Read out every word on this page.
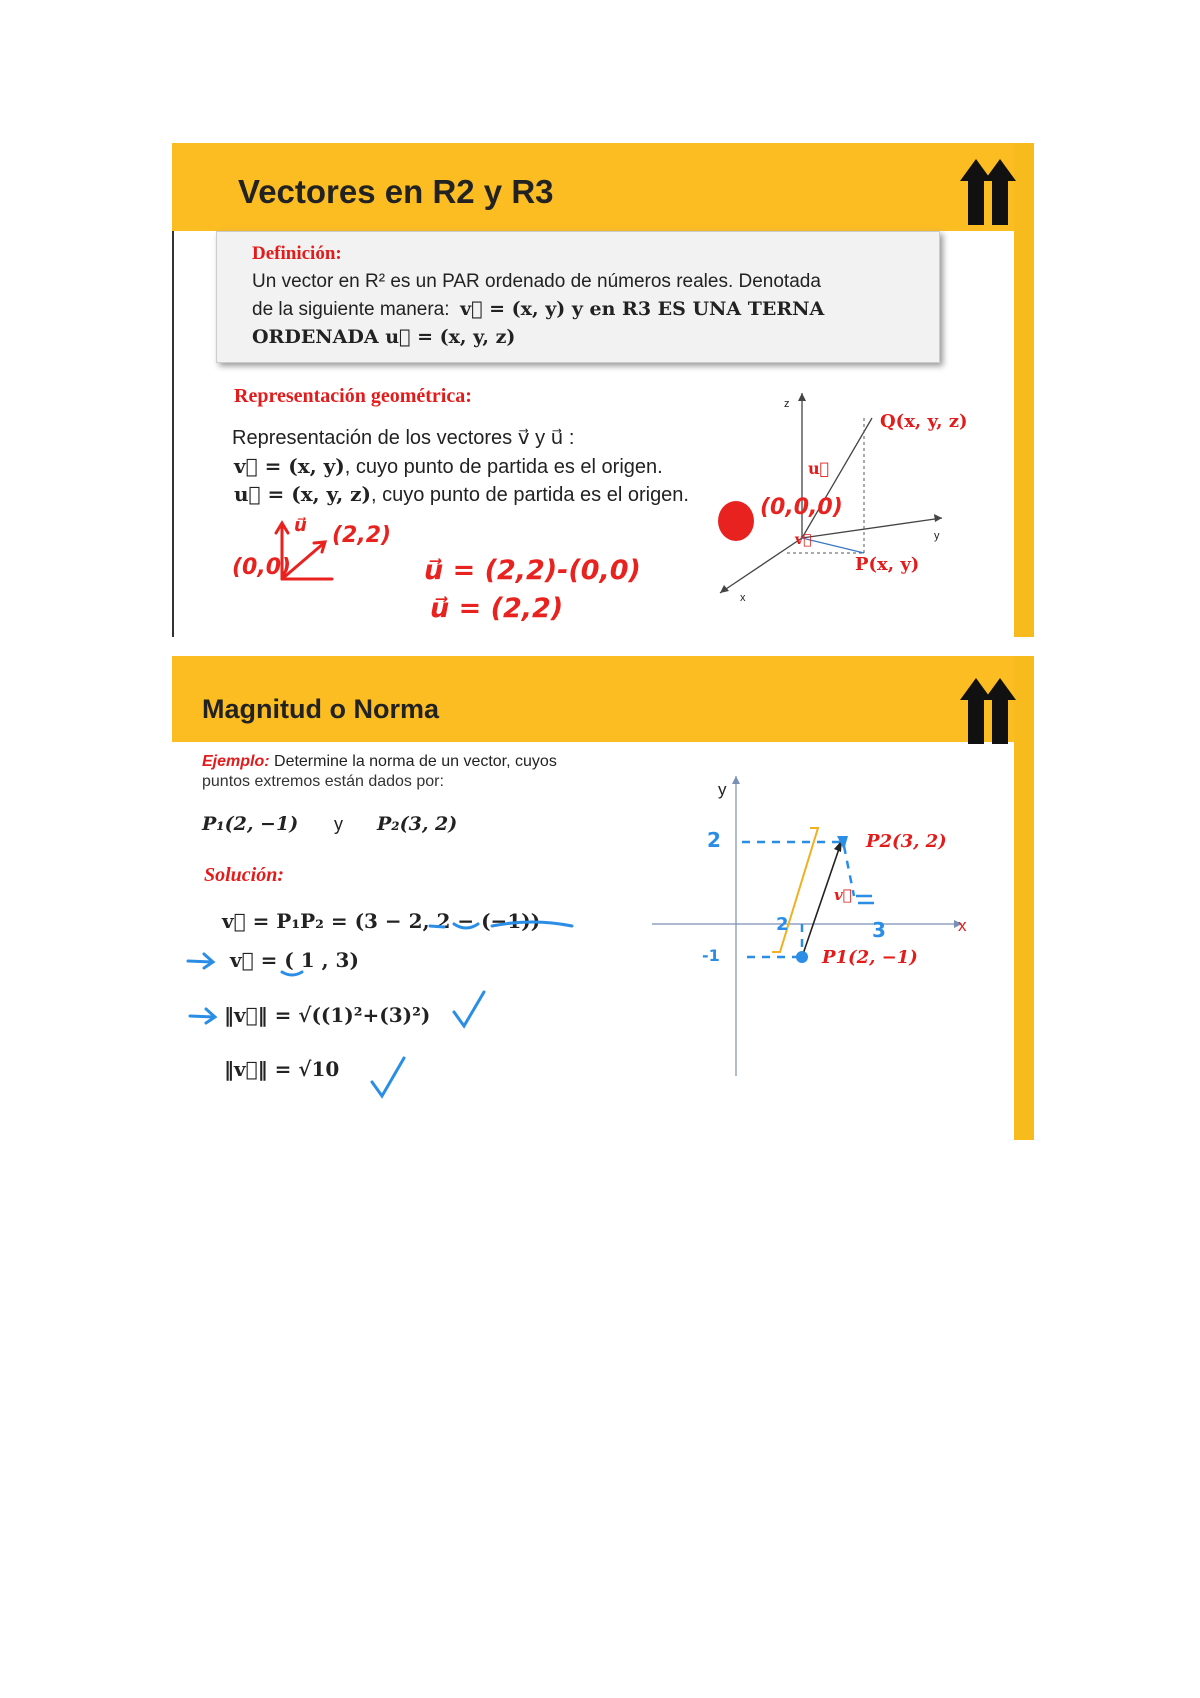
Vectores en R2 y R3
Definición:
Un vector en R² es un PAR ordenado de números reales. Denotada
de la siguiente manera: v⃗ = (x, y) y en R3 ES UNA TERNA
ORDENADA u⃗ = (x, y, z)
Representación geométrica:
Representación de los vectores v⃗ y u⃗ :
v⃗ = (x, y), cuyo punto de partida es el origen.
u⃗ = (x, y, z), cuyo punto de partida es el origen.
z
y
x
Q(x, y, z)
P(x, y)
u⃗
v⃗
(0,0,0)
(0,0)
(2,2)
u⃗
u⃗ = (2,2)-(0,0)
u⃗ = (2,2)
Magnitud o Norma
Ejemplo: Determine la norma de un vector, cuyos
puntos extremos están dados por:
P₁(2, −1) y P₂(3, 2)
Solución:
v⃗ = P₁P₂ = (3 − 2, 2 − (−1))
v⃗ = ( 1 , 3)
‖v⃗‖ = √((1)²+(3)²)
‖v⃗‖ = √10
y
x
P2(3, 2)
P1(2, −1)
v⃗
2
-1
2	3
